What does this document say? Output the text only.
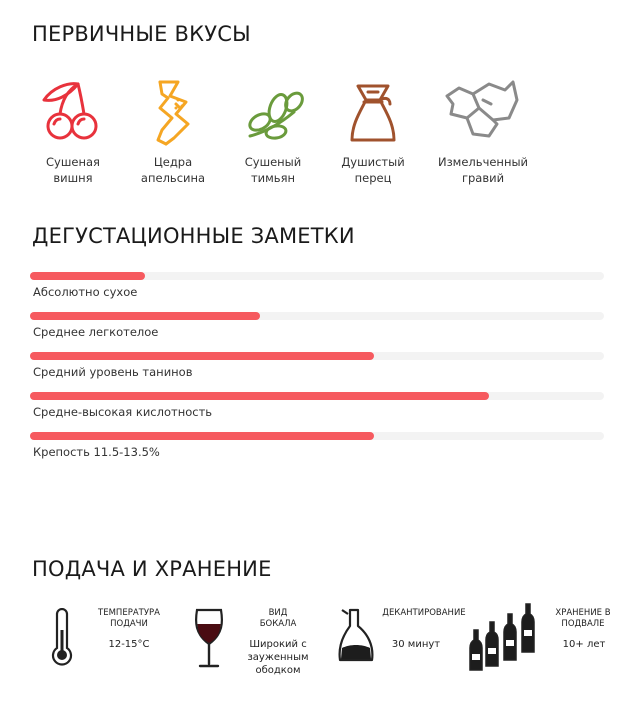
ПЕРВИЧНЫЕ ВКУСЫ
Сушеная
вишня
Цедра
апельсина
Сушеный
тимьян
Душистый
перец
Измельченный
гравий
ДЕГУСТАЦИОННЫЕ ЗАМЕТКИ
Абсолютно сухое
Среднее легкотелое
Средний уровень танинов
Средне-высокая кислотность
Крепость 11.5-13.5%
ПОДАЧА И ХРАНЕНИЕ
ТЕМПЕРАТУРА
ПОДАЧИ
12-15°C
ВИД
БОКАЛА
Широкий с
зауженным ободком
ДЕКАНТИРОВАНИЕ
30 минут
ХРАНЕНИЕ В
ПОДВАЛЕ
10+ лет
